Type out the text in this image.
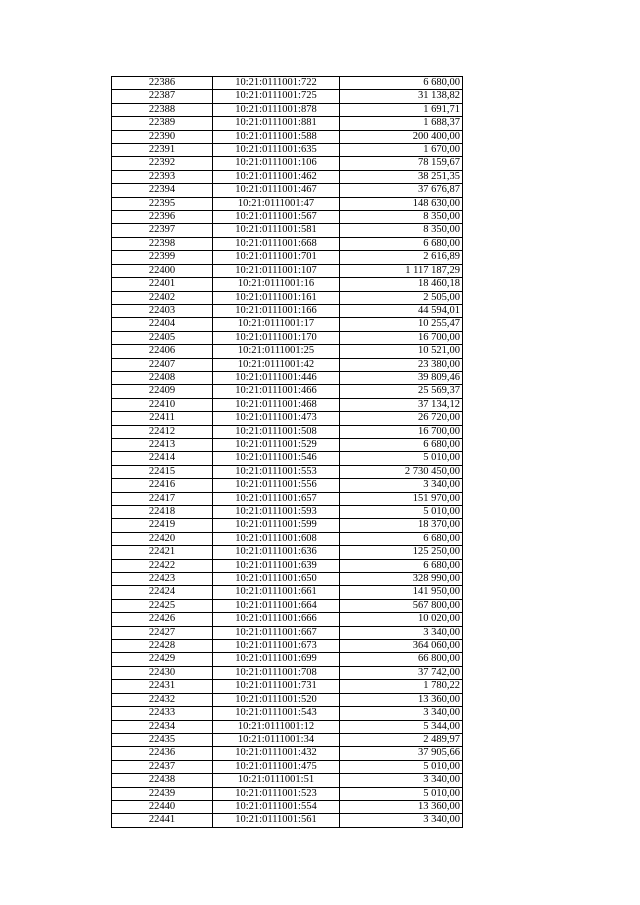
22386	10:21:0111001:722	6 680,00
22387	10:21:0111001:725	31 138,82
22388	10:21:0111001:878	1 691,71
22389	10:21:0111001:881	1 688,37
22390	10:21:0111001:588	200 400,00
22391	10:21:0111001:635	1 670,00
22392	10:21:0111001:106	78 159,67
22393	10:21:0111001:462	38 251,35
22394	10:21:0111001:467	37 676,87
22395	10:21:0111001:47	148 630,00
22396	10:21:0111001:567	8 350,00
22397	10:21:0111001:581	8 350,00
22398	10:21:0111001:668	6 680,00
22399	10:21:0111001:701	2 616,89
22400	10:21:0111001:107	1 117 187,29
22401	10:21:0111001:16	18 460,18
22402	10:21:0111001:161	2 505,00
22403	10:21:0111001:166	44 594,01
22404	10:21:0111001:17	10 255,47
22405	10:21:0111001:170	16 700,00
22406	10:21:0111001:25	10 521,00
22407	10:21:0111001:42	23 380,00
22408	10:21:0111001:446	39 809,46
22409	10:21:0111001:466	25 569,37
22410	10:21:0111001:468	37 134,12
22411	10:21:0111001:473	26 720,00
22412	10:21:0111001:508	16 700,00
22413	10:21:0111001:529	6 680,00
22414	10:21:0111001:546	5 010,00
22415	10:21:0111001:553	2 730 450,00
22416	10:21:0111001:556	3 340,00
22417	10:21:0111001:657	151 970,00
22418	10:21:0111001:593	5 010,00
22419	10:21:0111001:599	18 370,00
22420	10:21:0111001:608	6 680,00
22421	10:21:0111001:636	125 250,00
22422	10:21:0111001:639	6 680,00
22423	10:21:0111001:650	328 990,00
22424	10:21:0111001:661	141 950,00
22425	10:21:0111001:664	567 800,00
22426	10:21:0111001:666	10 020,00
22427	10:21:0111001:667	3 340,00
22428	10:21:0111001:673	364 060,00
22429	10:21:0111001:699	66 800,00
22430	10:21:0111001:708	37 742,00
22431	10:21:0111001:731	1 780,22
22432	10:21:0111001:520	13 360,00
22433	10:21:0111001:543	3 340,00
22434	10:21:0111001:12	5 344,00
22435	10:21:0111001:34	2 489,97
22436	10:21:0111001:432	37 905,66
22437	10:21:0111001:475	5 010,00
22438	10:21:0111001:51	3 340,00
22439	10:21:0111001:523	5 010,00
22440	10:21:0111001:554	13 360,00
22441	10:21:0111001:561	3 340,00
